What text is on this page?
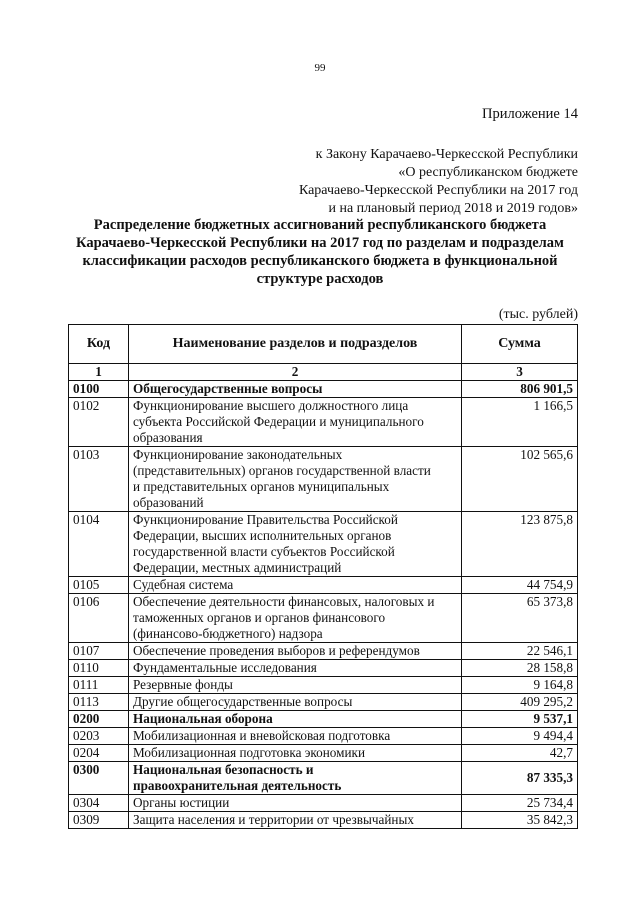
99
Приложение 14
к Закону Карачаево-Черкесской Республики
«О республиканском бюджете
Карачаево-Черкесской Республики на 2017 год
и на плановый период 2018 и 2019 годов»
Распределение бюджетных ассигнований республиканского бюджета
Карачаево-Черкесской Республики на 2017 год по разделам и подразделам
классификации расходов республиканского бюджета в функциональной
структуре расходов
(тыс. рублей)
Код	Наименование разделов и подразделов	Сумма
1	2	3
0100	Общегосударственные вопросы	806 901,5
0102	Функционирование высшего должностного лица
субъекта Российской Федерации и муниципального
образования	1 166,5
0103	Функционирование законодательных
(представительных) органов государственной власти
и представительных органов муниципальных
образований	102 565,6
0104	Функционирование Правительства Российской
Федерации, высших исполнительных органов
государственной власти субъектов Российской
Федерации, местных администраций	123 875,8
0105	Судебная система	44 754,9
0106	Обеспечение деятельности финансовых, налоговых и
таможенных органов и органов финансового
(финансово-бюджетного) надзора	65 373,8
0107	Обеспечение проведения выборов и референдумов	22 546,1
0110	Фундаментальные исследования	28 158,8
0111	Резервные фонды	9 164,8
0113	Другие общегосударственные вопросы	409 295,2
0200	Национальная оборона	9 537,1
0203	Мобилизационная и вневойсковая подготовка	9 494,4
0204	Мобилизационная подготовка экономики	42,7
0300	Национальная безопасность и
правоохранительная деятельность	87 335,3
0304	Органы юстиции	25 734,4
0309	Защита населения и территории от чрезвычайных	35 842,3
